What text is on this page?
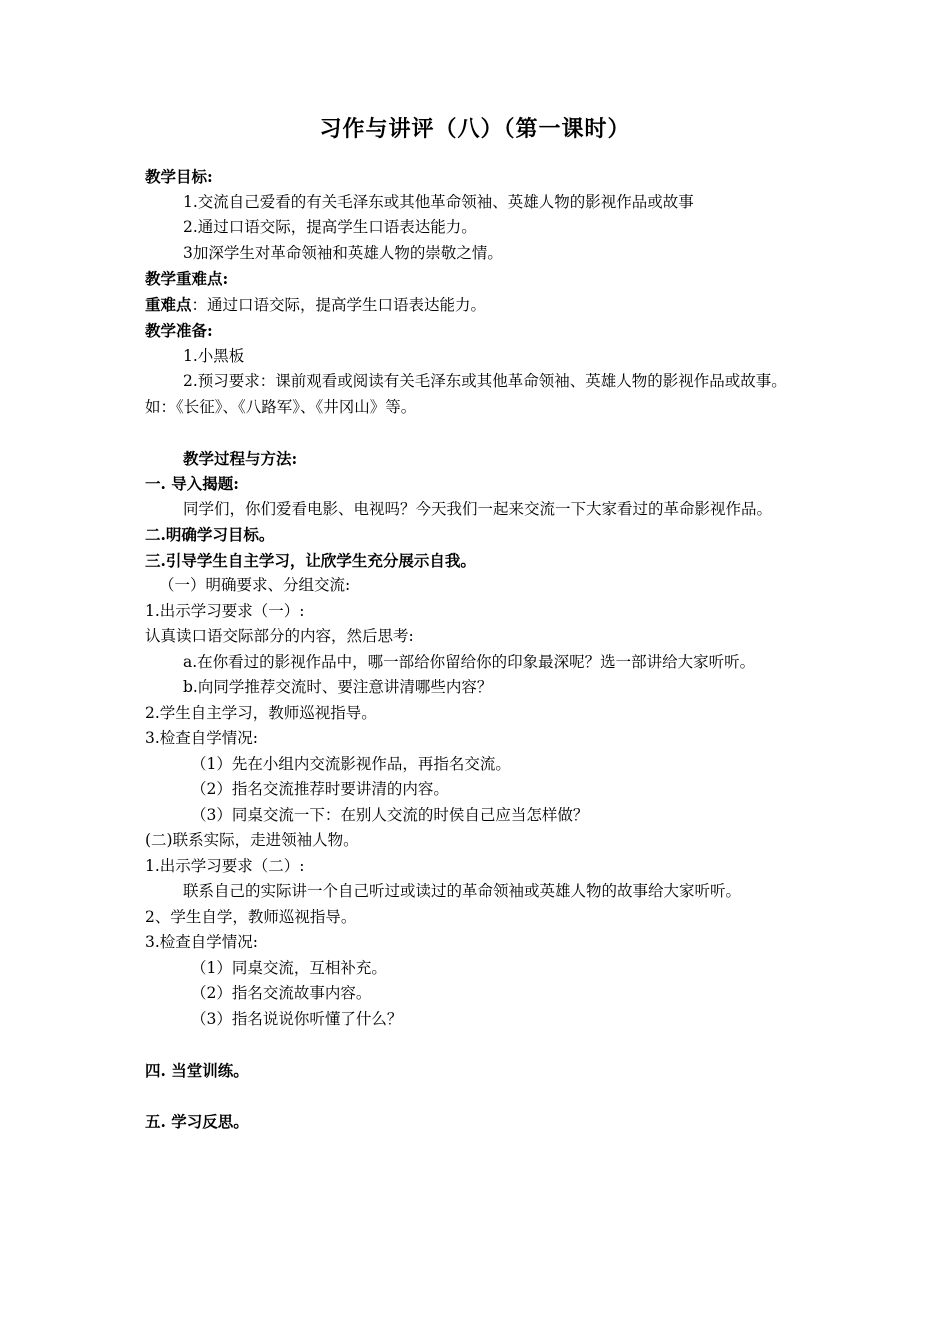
习作与讲评（八）（第一课时）

教学目标:

1.交流自己爱看的有关毛泽东或其他革命领袖、英雄人物的影视作品或故事

2.通过口语交际，提高学生口语表达能力。

3加深学生对革命领袖和英雄人物的崇敬之情。

教学重难点:

重难点：通过口语交际，提高学生口语表达能力。

教学准备:

1.小黑板

2.预习要求：课前观看或阅读有关毛泽东或其他革命领袖、英雄人物的影视作品或故事。如：《长征》、《八路军》、《井冈山》等。

教学过程与方法:

一. 导入揭题:

同学们，你们爱看电影、电视吗？今天我们一起来交流一下大家看过的革命影视作品。

二.明确学习目标。

三.引导学生自主学习，让欣学生充分展示自我。

（一）明确要求、分组交流:

1.出示学习要求（一）:

认真读口语交际部分的内容，然后思考:

a.在你看过的影视作品中，哪一部给你留给你的印象最深呢？选一部讲给大家听听。

b.向同学推荐交流时、要注意讲清哪些内容？

2.学生自主学习，教师巡视指导。

3.检查自学情况:

（1）先在小组内交流影视作品，再指名交流。

（2）指名交流推荐时要讲清的内容。

（3）同桌交流一下：在别人交流的时侯自己应当怎样做？

(二)联系实际，走进领袖人物。

1.出示学习要求（二）:

联系自己的实际讲一个自己听过或读过的革命领袖或英雄人物的故事给大家听听。

2、学生自学，教师巡视指导。

3.检查自学情况:

（1）同桌交流，互相补充。

（2）指名交流故事内容。

（3）指名说说你听懂了什么？

四. 当堂训练。

五. 学习反思。
